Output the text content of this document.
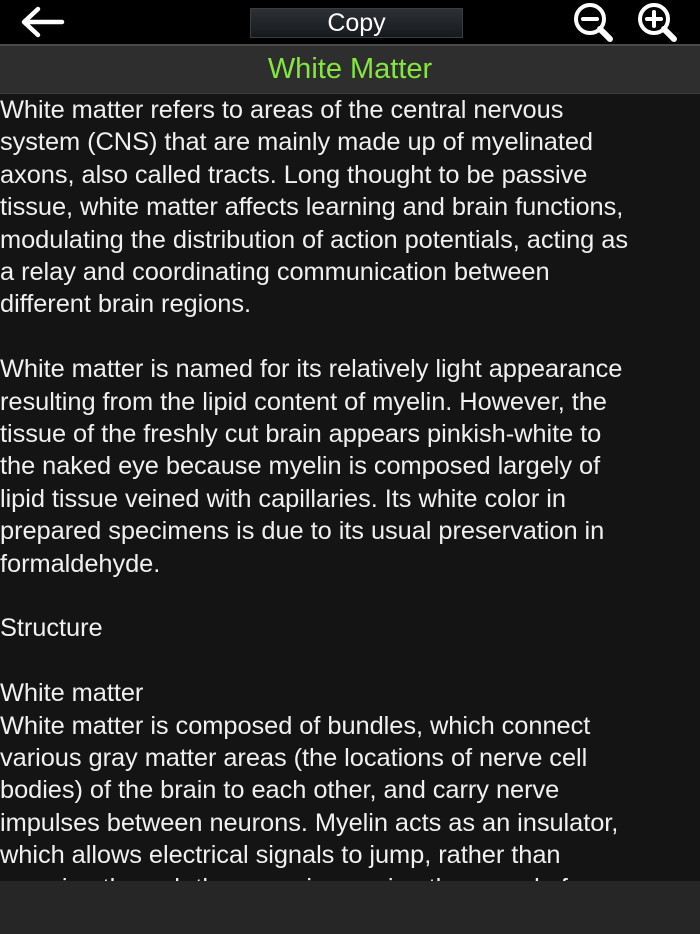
Copy
White Matter

White matter refers to areas of the central nervous
system (CNS) that are mainly made up of myelinated
axons, also called tracts. Long thought to be passive
tissue, white matter affects learning and brain functions,
modulating the distribution of action potentials, acting as
a relay and coordinating communication between
different brain regions.

White matter is named for its relatively light appearance
resulting from the lipid content of myelin. However, the
tissue of the freshly cut brain appears pinkish-white to
the naked eye because myelin is composed largely of
lipid tissue veined with capillaries. Its white color in
prepared specimens is due to its usual preservation in
formaldehyde.

Structure

White matter
White matter is composed of bundles, which connect
various gray matter areas (the locations of nerve cell
bodies) of the brain to each other, and carry nerve
impulses between neurons. Myelin acts as an insulator,
which allows electrical signals to jump, rather than
